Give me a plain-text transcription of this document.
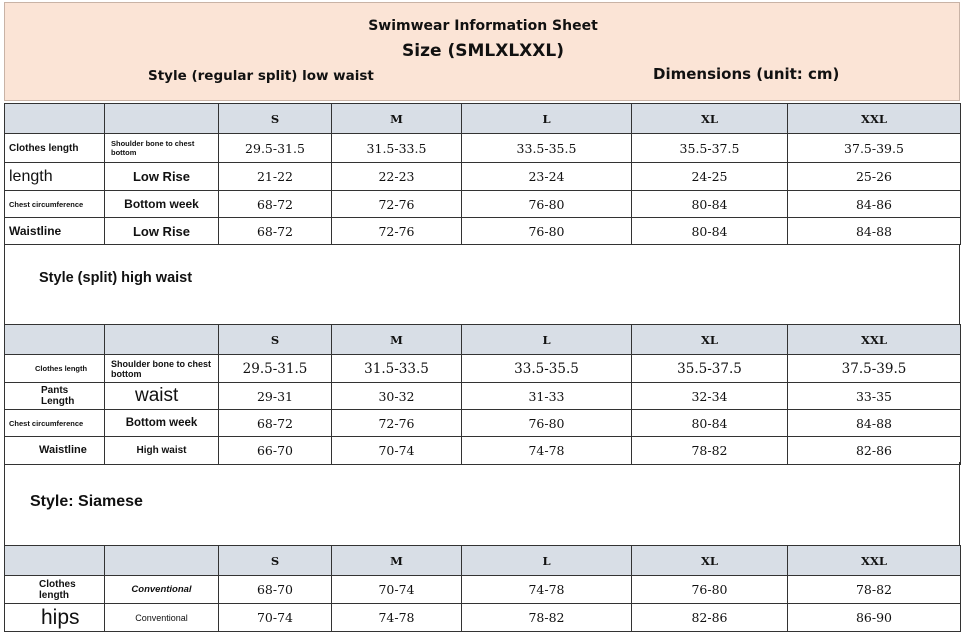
Swimwear Information Sheet
Size (SMLXLXXL)
Style (regular split) low waist	Dimensions (unit: cm)
		S	M	L	XL	XXL
Clothes length	Shoulder bone to chest bottom	29.5-31.5	31.5-33.5	33.5-35.5	35.5-37.5	37.5-39.5
length	Low Rise	21-22	22-23	23-24	24-25	25-26
Chest circumference	Bottom week	68-72	72-76	76-80	80-84	84-86
Waistline	Low Rise	68-72	72-76	76-80	80-84	84-88
Style (split) high waist
		S	M	L	XL	XXL
Clothes length	Shoulder bone to chest bottom	29.5-31.5	31.5-33.5	33.5-35.5	35.5-37.5	37.5-39.5
Pants Length	waist	29-31	30-32	31-33	32-34	33-35
Chest circumference	Bottom week	68-72	72-76	76-80	80-84	84-88
Waistline	High waist	66-70	70-74	74-78	78-82	82-86
Style: Siamese
		S	M	L	XL	XXL
Clothes length	Conventional	68-70	70-74	74-78	76-80	78-82
hips	Conventional	70-74	74-78	78-82	82-86	86-90
